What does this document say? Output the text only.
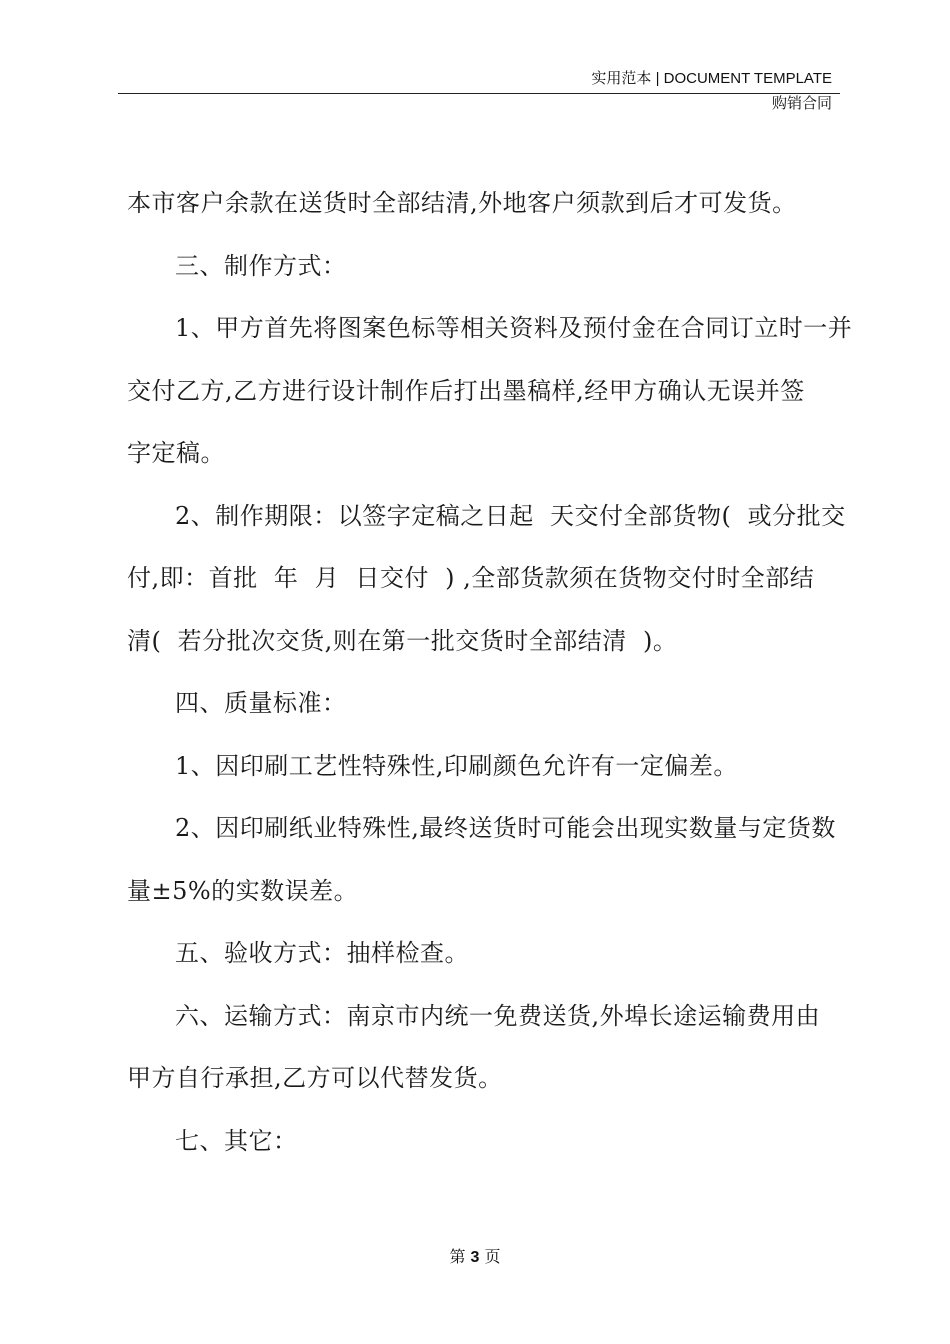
实用范本 | DOCUMENT TEMPLATE
购销合同
本市客户余款在送货时全部结清,外地客户须款到后才可发货。
三、制作方式：
1、甲方首先将图案色标等相关资料及预付金在合同订立时一并
交付乙方,乙方进行设计制作后打出墨稿样,经甲方确认无误并签
字定稿。
2、制作期限：以签字定稿之日起  天交付全部货物(  或分批交
付,即：首批  年  月  日交付  ) ,全部货款须在货物交付时全部结
清(  若分批次交货,则在第一批交货时全部结清  )。
四、质量标准：
1、因印刷工艺性特殊性,印刷颜色允许有一定偏差。
2、因印刷纸业特殊性,最终送货时可能会出现实数量与定货数
量±5%的实数误差。
五、验收方式：抽样检查。
六、运输方式：南京市内统一免费送货,外埠长途运输费用由
甲方自行承担,乙方可以代替发货。
七、其它：
第 3 页
